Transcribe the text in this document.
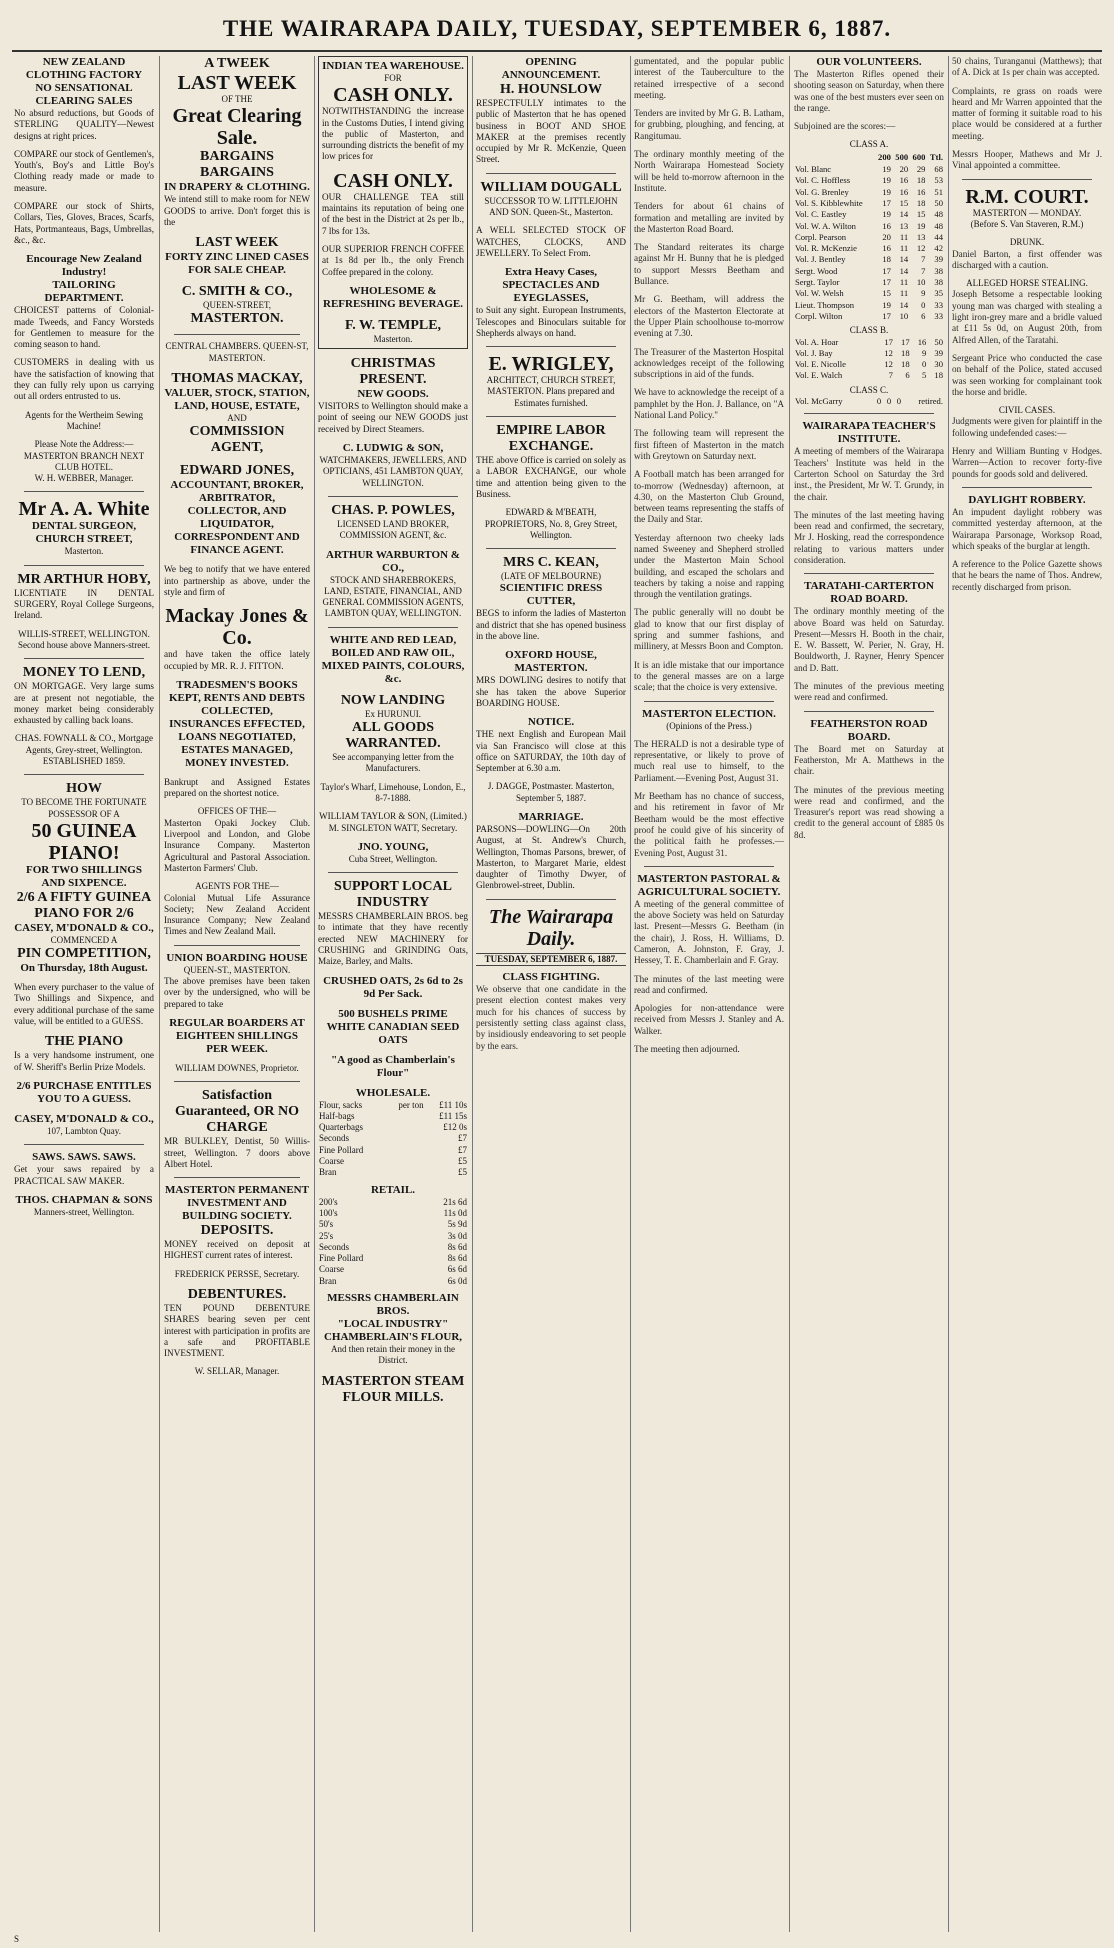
THE WAIRARAPA DAILY, TUESDAY, SEPTEMBER 6, 1887.
NEW ZEALAND CLOTHING FACTORY
NO SENSATIONAL CLEARING SALES
No absurd reductions, but Goods of STERLING QUALITY—Newest designs at right prices.
COMPARE our stock of Gentlemen's, Youth's, Boy's and Little Boy's Clothing ready made or made to measure.
COMPARE our stock of Shirts, Collars, Ties, Gloves, Braces, Scarfs, Hats, Portmanteaus, Bags, Umbrellas, &c., &c.
Encourage New Zealand Industry!
TAILORING DEPARTMENT.
CHOICEST patterns of Colonial-made Tweeds, and Fancy Worsteds for Gentlemen to measure for the coming season to hand.
CUSTOMERS in dealing with us have the satisfaction of knowing that they can fully rely upon us carrying out all orders entrusted to us.
Agents for the Wertheim Sewing Machine!
Please Note the Address:—
MASTERTON BRANCH NEXT CLUB HOTEL.
W. H. WEBBER, Manager.
Mr A. A. White
DENTAL SURGEON, CHURCH STREET,
Masterton.
MR ARTHUR HOBY,
LICENTIATE IN DENTAL SURGERY, Royal College Surgeons, Ireland.
WILLIS-STREET, WELLINGTON. Second house above Manners-street.
MONEY TO LEND,
ON MORTGAGE. Very large sums are at present not negotiable, the money market being considerably exhausted by calling back loans.
CHAS. FOWNALL & CO., Mortgage Agents, Grey-street, Wellington. ESTABLISHED 1859.
HOW
TO BECOME THE FORTUNATE POSSESSOR OF A
50 GUINEA PIANO!
FOR TWO SHILLINGS AND SIXPENCE.
2/6 A FIFTY GUINEA PIANO FOR 2/6
CASEY, M'DONALD & CO.,
COMMENCED A
PIN COMPETITION,
On Thursday, 18th August.
When every purchaser to the value of Two Shillings and Sixpence, and every additional purchase of the same value, will be entitled to a GUESS.
THE PIANO
Is a very handsome instrument, one of W. Sheriff's Berlin Prize Models.
2/6 PURCHASE ENTITLES YOU TO A GUESS.
CASEY, M'DONALD & CO.,
107, Lambton Quay.
SAWS. SAWS. SAWS.
Get your saws repaired by a PRACTICAL SAW MAKER.
THOS. CHAPMAN & SONS
Manners-street, Wellington.
A TWEEK
LAST WEEK
OF THE
Great Clearing Sale.
BARGAINS BARGAINS
IN DRAPERY & CLOTHING.
We intend still to make room for NEW GOODS to arrive. Don't forget this is the
LAST WEEK
FORTY ZINC LINED CASES FOR SALE CHEAP.
C. SMITH & CO.,
QUEEN-STREET,
MASTERTON.
CENTRAL CHAMBERS. QUEEN-ST, MASTERTON.
THOMAS MACKAY,
VALUER, STOCK, STATION, LAND, HOUSE, ESTATE,
AND
COMMISSION AGENT,
EDWARD JONES,
ACCOUNTANT, BROKER, ARBITRATOR, COLLECTOR, AND LIQUIDATOR, CORRESPONDENT AND FINANCE AGENT.
We beg to notify that we have entered into partnership as above, under the style and firm of
Mackay Jones & Co.
and have taken the office lately occupied by MR. R. J. FITTON.
TRADESMEN'S BOOKS KEPT, RENTS AND DEBTS COLLECTED, INSURANCES EFFECTED, LOANS NEGOTIATED, ESTATES MANAGED, MONEY INVESTED.
Bankrupt and Assigned Estates prepared on the shortest notice.
OFFICES OF THE—
Masterton Opaki Jockey Club. Liverpool and London, and Globe Insurance Company. Masterton Agricultural and Pastoral Association. Masterton Farmers' Club.
AGENTS FOR THE—
Colonial Mutual Life Assurance Society; New Zealand Accident Insurance Company; New Zealand Times and New Zealand Mail.
UNION BOARDING HOUSE
QUEEN-ST., MASTERTON.
The above premises have been taken over by the undersigned, who will be prepared to take
REGULAR BOARDERS AT EIGHTEEN SHILLINGS PER WEEK.
WILLIAM DOWNES, Proprietor.
Satisfaction Guaranteed, OR NO CHARGE
MR BULKLEY, Dentist, 50 Willis-street, Wellington. 7 doors above Albert Hotel.
MASTERTON PERMANENT INVESTMENT AND BUILDING SOCIETY.
DEPOSITS.
MONEY received on deposit at HIGHEST current rates of interest.
FREDERICK PERSSE, Secretary.
DEBENTURES.
TEN POUND DEBENTURE SHARES bearing seven per cent interest with participation in profits are a safe and PROFITABLE INVESTMENT.
W. SELLAR, Manager.
INDIAN TEA WAREHOUSE.
FOR
CASH ONLY.
NOTWITHSTANDING the increase in the Customs Duties, I intend giving the public of Masterton, and surrounding districts the benefit of my low prices for
CASH ONLY.
OUR CHALLENGE TEA still maintains its reputation of being one of the best in the District at 2s per lb., 7 lbs for 13s.
OUR SUPERIOR FRENCH COFFEE at 1s 8d per lb., the only French Coffee prepared in the colony.
WHOLESOME & REFRESHING BEVERAGE.
F. W. TEMPLE,
Masterton.
CHRISTMAS PRESENT.
NEW GOODS.
VISITORS to Wellington should make a point of seeing our NEW GOODS just received by Direct Steamers.
C. LUDWIG & SON,
WATCHMAKERS, JEWELLERS, AND OPTICIANS, 451 LAMBTON QUAY, WELLINGTON.
CHAS. P. POWLES,
LICENSED LAND BROKER, COMMISSION AGENT, &c.
ARTHUR WARBURTON & CO.,
STOCK AND SHAREBROKERS, LAND, ESTATE, FINANCIAL, AND GENERAL COMMISSION AGENTS, LAMBTON QUAY, WELLINGTON.
WHITE AND RED LEAD,
BOILED AND RAW OIL, MIXED PAINTS, COLOURS, &c.
NOW LANDING
Ex HURUNUI.
ALL GOODS WARRANTED.
See accompanying letter from the Manufacturers.
Taylor's Wharf, Limehouse, London, E., 8-7-1888.
WILLIAM TAYLOR & SON, (Limited.) M. SINGLETON WATT, Secretary.
JNO. YOUNG,
Cuba Street, Wellington.
SUPPORT LOCAL INDUSTRY
MESSRS CHAMBERLAIN BROS. beg to intimate that they have recently erected NEW MACHINERY for CRUSHING and GRINDING Oats, Maize, Barley, and Malts.
CRUSHED OATS, 2s 6d to 2s 9d Per Sack.
500 BUSHELS PRIME WHITE CANADIAN SEED OATS
"A good as Chamberlain's Flour"
WHOLESALE.
Flour, sacks	per ton	£11 10s
Half-bags		£11 15s
Quarterbags		£12 0s
Seconds		£7
Fine Pollard		£7
Coarse		£5
Bran		£5
RETAIL.
200's		21s 6d
100's		11s 0d
50's		5s 9d
25's		3s 0d
Seconds		8s 6d
Fine Pollard		8s 6d
Coarse		6s 6d
Bran		6s 0d
MESSRS CHAMBERLAIN BROS.
"LOCAL INDUSTRY"
CHAMBERLAIN'S FLOUR,
And then retain their money in the District.
MASTERTON STEAM FLOUR MILLS.
OPENING ANNOUNCEMENT.
H. HOUNSLOW
RESPECTFULLY intimates to the public of Masterton that he has opened business in BOOT AND SHOE MAKER at the premises recently occupied by Mr R. McKenzie, Queen Street.
WILLIAM DOUGALL
SUCCESSOR TO W. LITTLEJOHN AND SON. Queen-St., Masterton.
A WELL SELECTED STOCK OF WATCHES, CLOCKS, AND JEWELLERY. To Select From.
Extra Heavy Cases,
SPECTACLES AND EYEGLASSES,
to Suit any sight. European Instruments, Telescopes and Binoculars suitable for Shepherds always on hand.
E. WRIGLEY,
ARCHITECT, CHURCH STREET, MASTERTON. Plans prepared and Estimates furnished.
EMPIRE LABOR EXCHANGE.
THE above Office is carried on solely as a LABOR EXCHANGE, our whole time and attention being given to the Business.
EDWARD & M'BEATH, PROPRIETORS, No. 8, Grey Street, Wellington.
MRS C. KEAN,
(LATE OF MELBOURNE)
SCIENTIFIC DRESS CUTTER,
BEGS to inform the ladies of Masterton and district that she has opened business in the above line.
OXFORD HOUSE, MASTERTON.
MRS DOWLING desires to notify that she has taken the above Superior BOARDING HOUSE.
NOTICE.
THE next English and European Mail via San Francisco will close at this office on SATURDAY, the 10th day of September at 6.30 a.m.
J. DAGGE, Postmaster. Masterton, September 5, 1887.
MARRIAGE.
PARSONS—DOWLING—On 20th August, at St. Andrew's Church, Wellington, Thomas Parsons, brewer, of Masterton, to Margaret Marie, eldest daughter of Timothy Dwyer, of Glenbrowel-street, Dublin.
The Wairarapa Daily.
TUESDAY, SEPTEMBER 6, 1887.
CLASS FIGHTING.
We observe that one candidate in the present election contest makes very much for his chances of success by persistently setting class against class, by insidiously endeavoring to set people by the ears.
gumentated, and the popular public interest of the Tauberculture to the retained irrespective of a second meeting.
Tenders are invited by Mr G. B. Latham, for grubbing, ploughing, and fencing, at Rangitumau.
The ordinary monthly meeting of the North Wairarapa Homestead Society will be held to-morrow afternoon in the Institute.
Tenders for about 61 chains of formation and metalling are invited by the Masterton Road Board.
The Standard reiterates its charge against Mr H. Bunny that he is pledged to support Messrs Beetham and Bullance.
Mr G. Beetham, will address the electors of the Masterton Electorate at the Upper Plain schoolhouse to-morrow evening at 7.30.
The Treasurer of the Masterton Hospital acknowledges receipt of the following subscriptions in aid of the funds.
We have to acknowledge the receipt of a pamphlet by the Hon. J. Ballance, on "A National Land Policy."
The following team will represent the first fifteen of Masterton in the match with Greytown on Saturday next.
A Football match has been arranged for to-morrow (Wednesday) afternoon, at 4.30, on the Masterton Club Ground, between teams representing the staffs of the Daily and Star.
Yesterday afternoon two cheeky lads named Sweeney and Shepherd strolled under the Masterton Main School building, and escaped the scholars and teachers by taking a noise and rapping through the ventilation gratings.
The public generally will no doubt be glad to know that our first display of spring and summer fashions, and millinery, at Messrs Boon and Compton.
It is an idle mistake that our importance to the general masses are on a large scale; that the choice is very extensive.
MASTERTON ELECTION.
(Opinions of the Press.)
The HERALD is not a desirable type of representative, or likely to prove of much real use to himself, to the Parliament.—Evening Post, August 31.
Mr Beetham has no chance of success, and his retirement in favor of Mr Beetham would be the most effective proof he could give of his sincerity of the political faith he professes.—Evening Post, August 31.
MASTERTON PASTORAL & AGRICULTURAL SOCIETY.
A meeting of the general committee of the above Society was held on Saturday last. Present—Messrs G. Beetham (in the chair), J. Ross, H. Williams, D. Cameron, A. Johnston, F. Gray, J. Hessey, T. E. Chamberlain and F. Gray.
The minutes of the last meeting were read and confirmed.
Apologies for non-attendance were received from Messrs J. Stanley and A. Walker.
The meeting then adjourned.
OUR VOLUNTEERS.
The Masterton Rifles opened their shooting season on Saturday, when there was one of the best musters ever seen on the range.
Subjoined are the scores:—
CLASS A.
	200	500	600	Ttl.
Vol. Blanc	19	20	29	68
Vol. C. Hoffless	19	16	18	53
Vol. G. Brenley	19	16	16	51
Vol. S. Kibblewhite	17	15	18	50
Vol. C. Eastley	19	14	15	48
Vol. W. A. Wilton	16	13	19	48
Corpl. Pearson	20	11	13	44
Vol. R. McKenzie	16	11	12	42
Vol. J. Bentley	18	14	7	39
Sergt. Wood	17	14	7	38
Sergt. Taylor	17	11	10	38
Vol. W. Welsh	15	11	9	35
Lieut. Thompson	19	14	0	33
Corpl. Wilton	17	10	6	33
CLASS B.
Vol. A. Hoar	17	17	16	50
Vol. J. Bay	12	18	9	39
Vol. E. Nicolle	12	18	0	30
Vol. E. Walch	7	6	5	18
CLASS C.
Vol. McGarry	0	0	0	retired.
WAIRARAPA TEACHER'S INSTITUTE.
A meeting of members of the Wairarapa Teachers' Institute was held in the Carterton School on Saturday the 3rd inst., the President, Mr W. T. Grundy, in the chair.
The minutes of the last meeting having been read and confirmed, the secretary, Mr J. Hosking, read the correspondence relating to various matters under consideration.
TARATAHI-CARTERTON ROAD BOARD.
The ordinary monthly meeting of the above Board was held on Saturday. Present—Messrs H. Booth in the chair, E. W. Bassett, W. Perier, N. Gray, H. Bouldworth, J. Rayner, Henry Spencer and D. Batt.
The minutes of the previous meeting were read and confirmed.
FEATHERSTON ROAD BOARD.
The Board met on Saturday at Featherston, Mr A. Matthews in the chair.
The minutes of the previous meeting were read and confirmed, and the Treasurer's report was read showing a credit to the general account of £885 0s 8d.
50 chains, Turanganui (Matthews); that of A. Dick at 1s per chain was accepted.
Complaints, re grass on roads were heard and Mr Warren appointed that the matter of forming it suitable road to his place would be considered at a further meeting.
Messrs Hooper, Mathews and Mr J. Vinal appointed a committee.
R.M. COURT.
MASTERTON — MONDAY.
(Before S. Van Staveren, R.M.)
DRUNK.
Daniel Barton, a first offender was discharged with a caution.
ALLEGED HORSE STEALING.
Joseph Betsome a respectable looking young man was charged with stealing a light iron-grey mare and a bridle valued at £11 5s 0d, on August 20th, from Alfred Allen, of the Taratahi.
Sergeant Price who conducted the case on behalf of the Police, stated accused was seen working for complainant took the horse and bridle.
CIVIL CASES.
Judgments were given for plaintiff in the following undefended cases:—
Henry and William Bunting v Hodges. Warren—Action to recover forty-five pounds for goods sold and delivered.
DAYLIGHT ROBBERY.
An impudent daylight robbery was committed yesterday afternoon, at the Wairarapa Parsonage, Worksop Road, which speaks of the burglar at length.
A reference to the Police Gazette shows that he bears the name of Thos. Andrew, recently discharged from prison.
S
